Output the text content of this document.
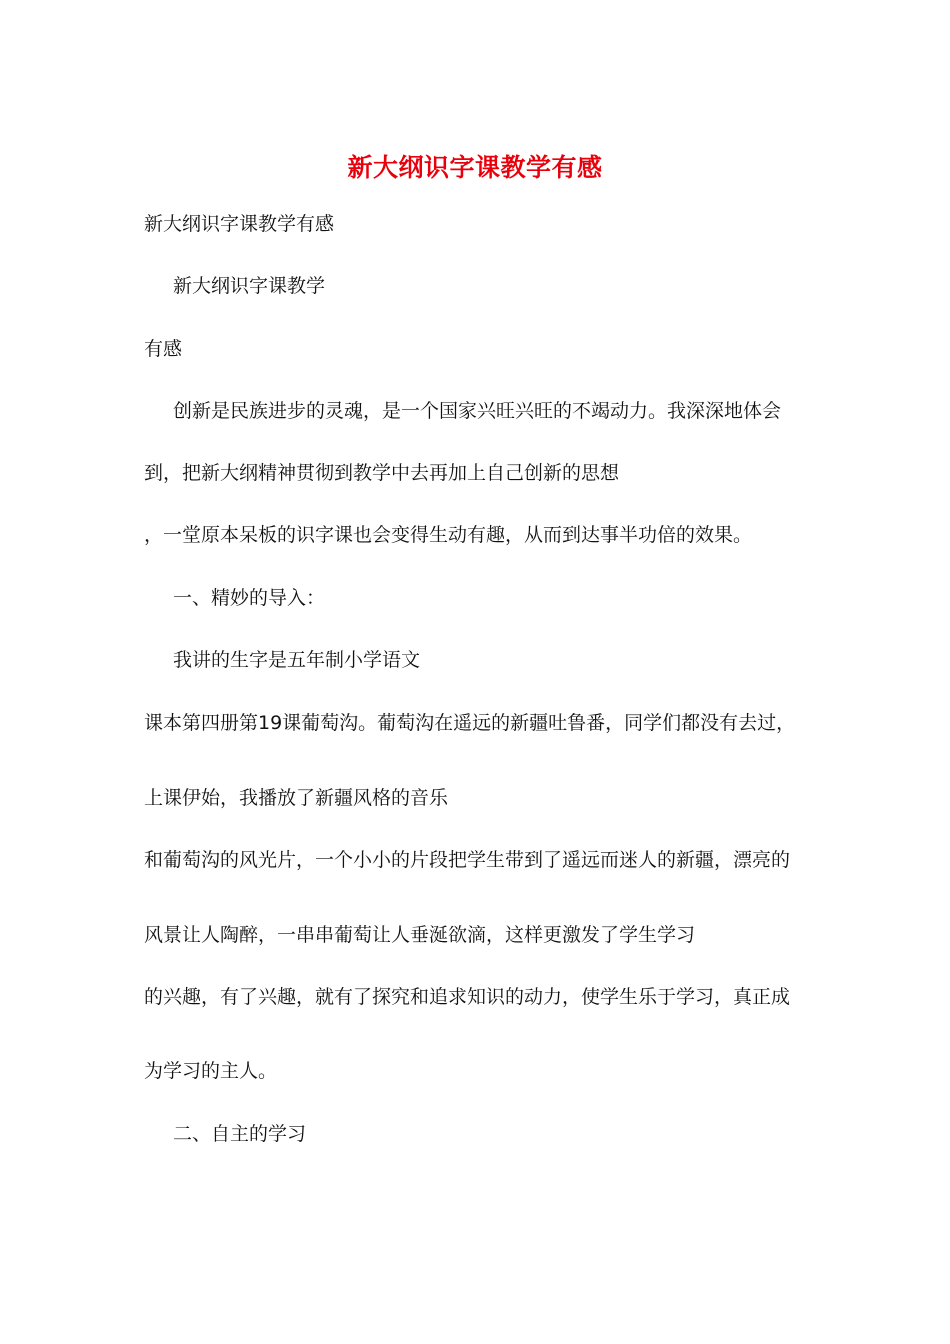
新大纲识字课教学有感
新大纲识字课教学有感
新大纲识字课教学
有感
创新是民族进步的灵魂，是一个国家兴旺兴旺的不竭动力。我深深地体会
到，把新大纲精神贯彻到教学中去再加上自己创新的思想
，一堂原本呆板的识字课也会变得生动有趣，从而到达事半功倍的效果。
一、精妙的导入：
我讲的生字是五年制小学语文
课本第四册第19课葡萄沟。葡萄沟在遥远的新疆吐鲁番，同学们都没有去过，
上课伊始，我播放了新疆风格的音乐
和葡萄沟的风光片，一个小小的片段把学生带到了遥远而迷人的新疆，漂亮的
风景让人陶醉，一串串葡萄让人垂涎欲滴，这样更激发了学生学习
的兴趣，有了兴趣，就有了探究和追求知识的动力，使学生乐于学习，真正成
为学习的主人。
二、自主的学习
